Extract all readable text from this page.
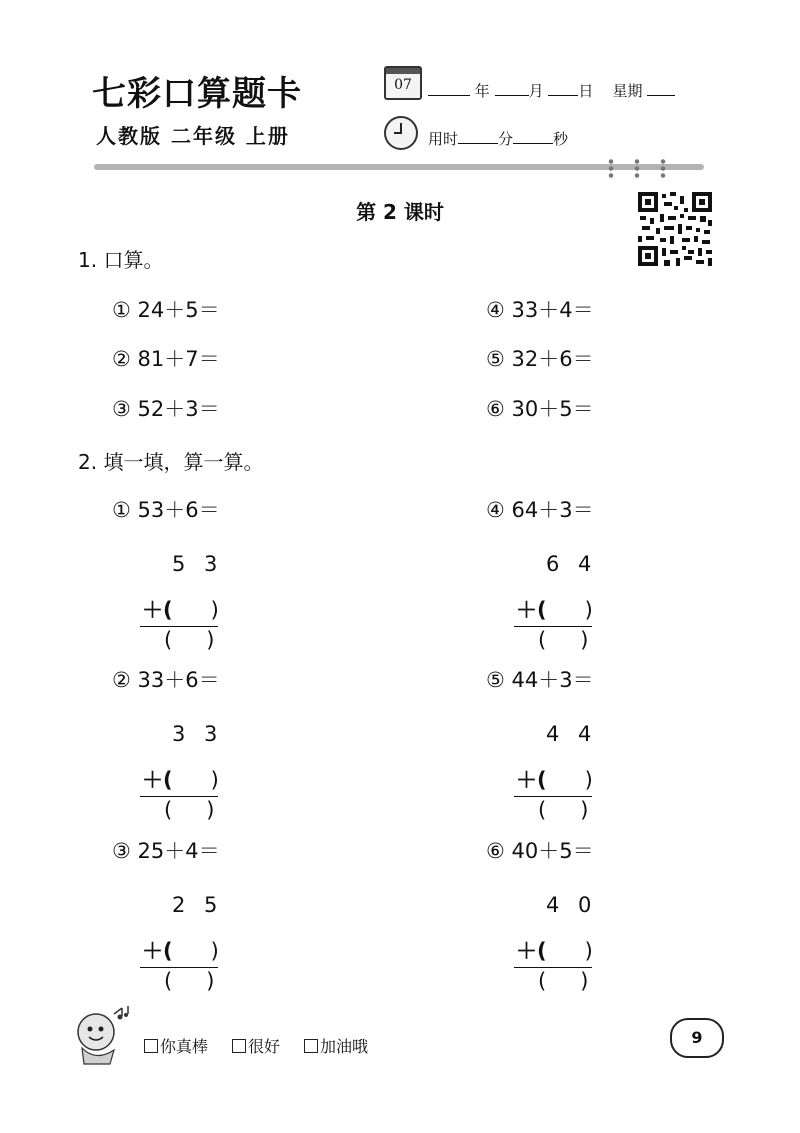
七彩口算题卡
人教版 二年级 上册
07	年	月 日 星期
用时	分	秒
第 2 课时
1. 口算。
① 24＋5＝
② 81＋7＝
③ 52＋3＝
④ 33＋4＝
⑤ 32＋6＝
⑥ 30＋5＝
2. 填一填，算一算。
① 53＋6＝
5 3
＋( )
( )
② 33＋6＝
3 3
＋( )
( )
③ 25＋4＝
2 5
＋( )
( )
④ 64＋3＝
6 4
＋( )
( )
⑤ 44＋3＝
4 4
＋( )
( )
⑥ 40＋5＝
4 0
＋( )
( )
你真棒	很好	加油哦	9
